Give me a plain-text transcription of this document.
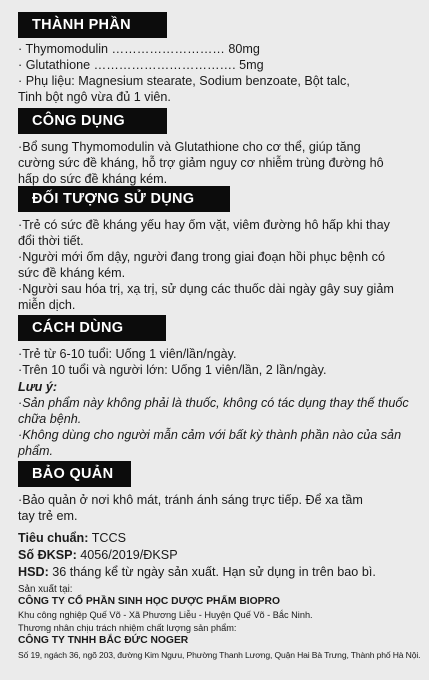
THÀNH PHẦN
· Thymomodulin ……………………… 80mg
· Glutathione ……………………………. 5mg
· Phụ liệu: Magnesium stearate, Sodium benzoate, Bột talc,
Tinh bột ngô vừa đủ 1 viên.
CÔNG DỤNG
·Bổ sung Thymomodulin và Glutathione cho cơ thể, giúp tăng
cường sức đề kháng, hỗ trợ giảm nguy cơ nhiễm trùng đường hô
hấp do sức đề kháng kém.
ĐỐI TƯỢNG SỬ DỤNG
·Trẻ có sức đề kháng yếu hay ốm vặt, viêm đường hô hấp khi thay
đổi thời tiết.
·Người mới ốm dậy, người đang trong giai đoạn hồi phục bệnh có
sức đề kháng kém.
·Người sau hóa trị, xạ trị, sử dụng các thuốc dài ngày gây suy giảm
miễn dịch.
CÁCH DÙNG
·Trẻ từ 6-10 tuổi: Uống 1 viên/lần/ngày.
·Trên 10 tuổi và người lớn: Uống 1 viên/lần, 2 lần/ngày.
Lưu ý:
·Sản phẩm này không phải là thuốc, không có tác dụng thay thế thuốc
chữa bệnh.
·Không dùng cho người mẫn cảm với bất kỳ thành phần nào của sản
phẩm.
BẢO QUẢN
·Bảo quản ở nơi khô mát, tránh ánh sáng trực tiếp. Để xa tầm
tay trẻ em.
Tiêu chuẩn: TCCS
Số ĐKSP: 4056/2019/ĐKSP
HSD: 36 tháng kể từ ngày sản xuất. Hạn sử dụng in trên bao bì.
Sản xuất tại:
CÔNG TY CỔ PHẦN SINH HỌC DƯỢC PHẨM BIOPRO
Khu công nghiệp Quế Võ - Xã Phương Liễu - Huyện Quế Võ - Bắc Ninh.
Thương nhân chịu trách nhiệm chất lượng sản phẩm:
CÔNG TY TNHH BẮC ĐỨC NOGER
Số 19, ngách 36, ngõ 203, đường Kim Ngưu, Phường Thanh Lương, Quận Hai Bà Trưng, Thành phố Hà Nội.
